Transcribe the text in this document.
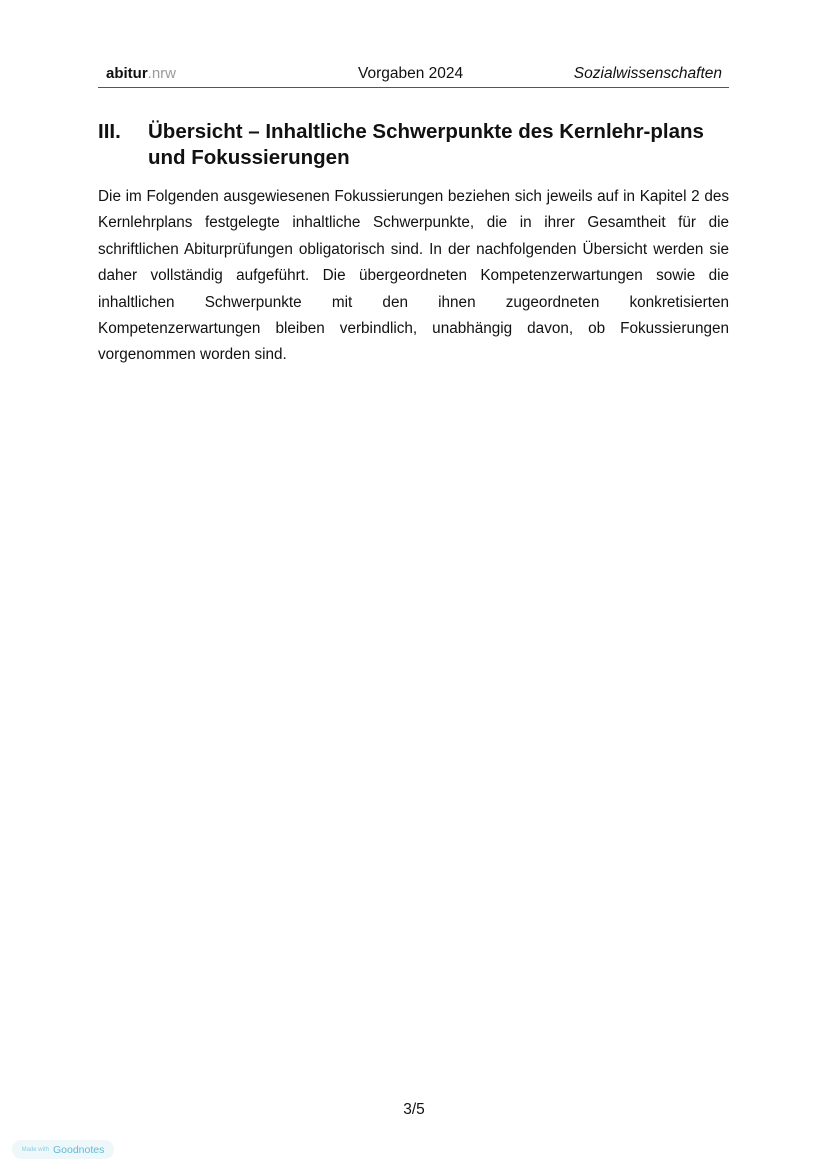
abitur.nrw	Vorgaben 2024	Sozialwissenschaften
III. Übersicht – Inhaltliche Schwerpunkte des Kernlehr-plans und Fokussierungen
Die im Folgenden ausgewiesenen Fokussierungen beziehen sich jeweils auf in Kapitel 2 des Kernlehrplans festgelegte inhaltliche Schwerpunkte, die in ihrer Gesamtheit für die schriftlichen Abiturprüfungen obligatorisch sind. In der nachfolgenden Übersicht werden sie daher vollständig aufgeführt. Die übergeordneten Kompetenzerwartungen sowie die inhaltlichen Schwerpunkte mit den ihnen zugeordneten konkretisierten Kompetenzerwartungen bleiben verbindlich, unabhängig davon, ob Fokussierungen vorgenommen worden sind.
3/5
Made with Goodnotes
